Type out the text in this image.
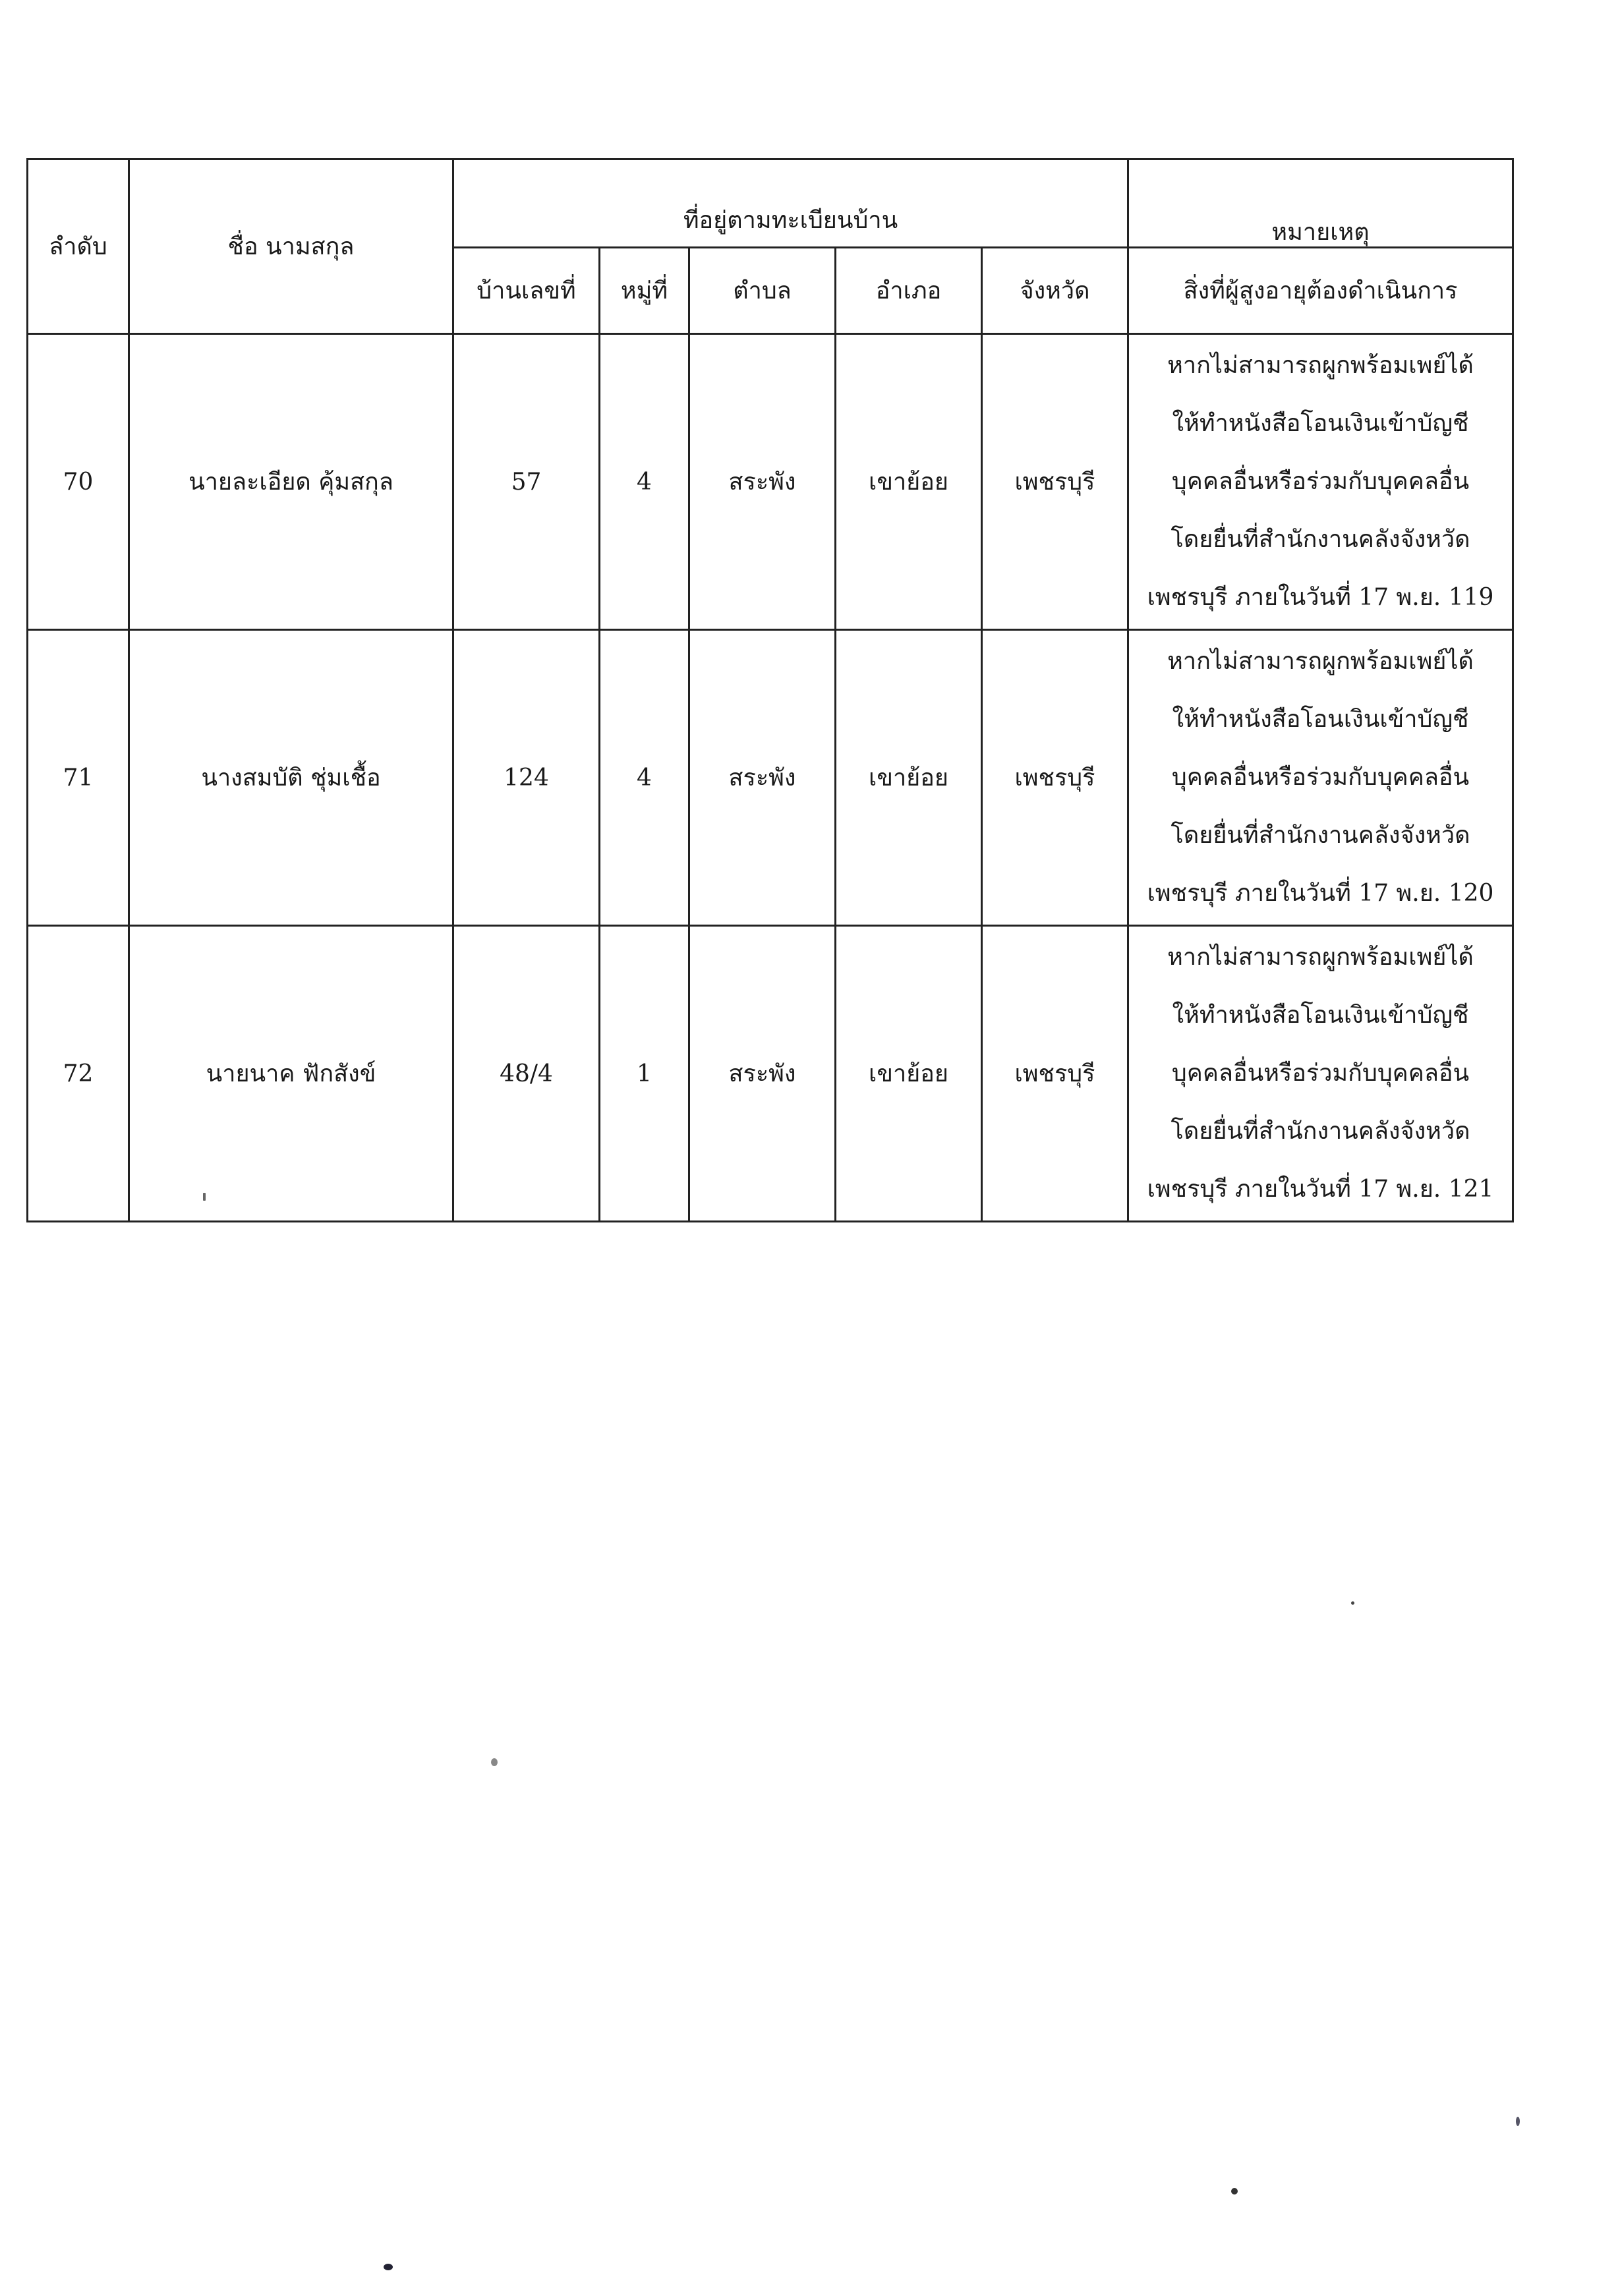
ลำดับ	ชื่อ นามสกุล	ที่อยู่ตามทะเบียนบ้าน					หมายเหตุ
		บ้านเลขที่	หมู่ที่	ตำบล	อำเภอ	จังหวัด	สิ่งที่ผู้สูงอายุต้องดำเนินการ
70	นายละเอียด คุ้มสกุล	57	4	สระพัง	เขาย้อย	เพชรบุรี	หากไม่สามารถผูกพร้อมเพย์ได้
ให้ทำหนังสือโอนเงินเข้าบัญชี
บุคคลอื่นหรือร่วมกับบุคคลอื่น
โดยยื่นที่สำนักงานคลังจังหวัด
เพชรบุรี ภายในวันที่ 17 พ.ย. 119

71	นางสมบัติ ชุ่มเชื้อ	124	4	สระพัง	เขาย้อย	เพชรบุรี	หากไม่สามารถผูกพร้อมเพย์ได้
ให้ทำหนังสือโอนเงินเข้าบัญชี
บุคคลอื่นหรือร่วมกับบุคคลอื่น
โดยยื่นที่สำนักงานคลังจังหวัด
เพชรบุรี ภายในวันที่ 17 พ.ย. 120

72	นายนาค ฟักสังข์	48/4	1	สระพัง	เขาย้อย	เพชรบุรี	หากไม่สามารถผูกพร้อมเพย์ได้
ให้ทำหนังสือโอนเงินเข้าบัญชี
บุคคลอื่นหรือร่วมกับบุคคลอื่น
โดยยื่นที่สำนักงานคลังจังหวัด
เพชรบุรี ภายในวันที่ 17 พ.ย. 121
